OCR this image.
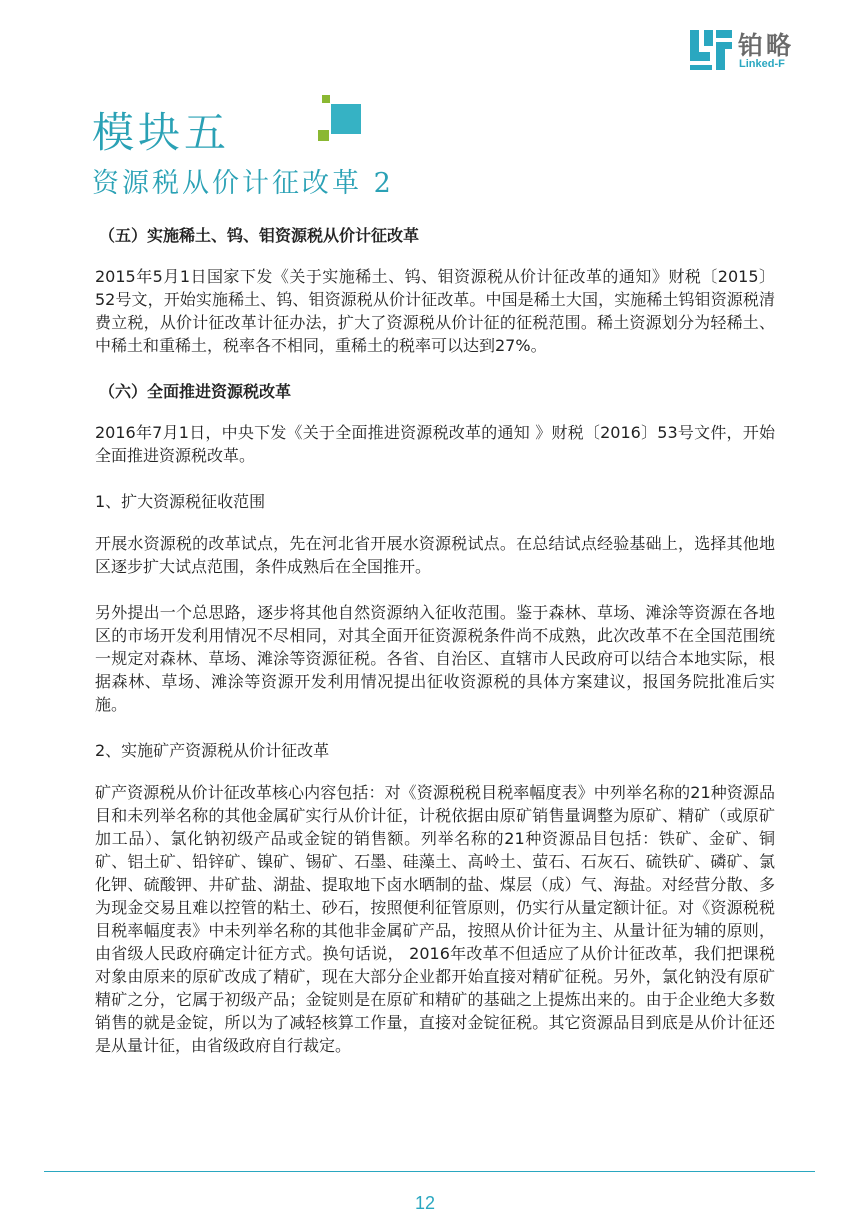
铂略
Linked-F
模块五
资源税从价计征改革 2
（五）实施稀土、钨、钼资源税从价计征改革

2015年5月1日国家下发《关于实施稀土、钨、钼资源税从价计征改革的通知》财税〔2015〕52号文，开始实施稀土、钨、钼资源税从价计征改革。中国是稀土大国，实施稀土钨钼资源税清费立税，从价计征改革计征办法，扩大了资源税从价计征的征税范围。稀土资源划分为轻稀土、中稀土和重稀土，税率各不相同，重稀土的税率可以达到27%。

（六）全面推进资源税改革

2016年7月1日，中央下发《关于全面推进资源税改革的通知 》财税〔2016〕53号文件，开始全面推进资源税改革。

1、扩大资源税征收范围

开展水资源税的改革试点，先在河北省开展水资源税试点。在总结试点经验基础上，选择其他地区逐步扩大试点范围，条件成熟后在全国推开。

另外提出一个总思路，逐步将其他自然资源纳入征收范围。鉴于森林、草场、滩涂等资源在各地区的市场开发利用情况不尽相同，对其全面开征资源税条件尚不成熟，此次改革不在全国范围统一规定对森林、草场、滩涂等资源征税。各省、自治区、直辖市人民政府可以结合本地实际，根据森林、草场、滩涂等资源开发利用情况提出征收资源税的具体方案建议，报国务院批准后实施。

2、实施矿产资源税从价计征改革

矿产资源税从价计征改革核心内容包括：对《资源税税目税率幅度表》中列举名称的21种资源品目和未列举名称的其他金属矿实行从价计征，计税依据由原矿销售量调整为原矿、精矿（或原矿加工品）、氯化钠初级产品或金锭的销售额。列举名称的21种资源品目包括：铁矿、金矿、铜矿、铝土矿、铅锌矿、镍矿、锡矿、石墨、硅藻土、高岭土、萤石、石灰石、硫铁矿、磷矿、氯化钾、硫酸钾、井矿盐、湖盐、提取地下卤水晒制的盐、煤层（成）气、海盐。对经营分散、多为现金交易且难以控管的粘土、砂石，按照便利征管原则，仍实行从量定额计征。对《资源税税目税率幅度表》中未列举名称的其他非金属矿产品，按照从价计征为主、从量计征为辅的原则，由省级人民政府确定计征方式。换句话说， 2016年改革不但适应了从价计征改革，我们把课税对象由原来的原矿改成了精矿，现在大部分企业都开始直接对精矿征税。另外，氯化钠没有原矿精矿之分，它属于初级产品；金锭则是在原矿和精矿的基础之上提炼出来的。由于企业绝大多数销售的就是金锭，所以为了减轻核算工作量，直接对金锭征税。其它资源品目到底是从价计征还是从量计征，由省级政府自行裁定。

12
